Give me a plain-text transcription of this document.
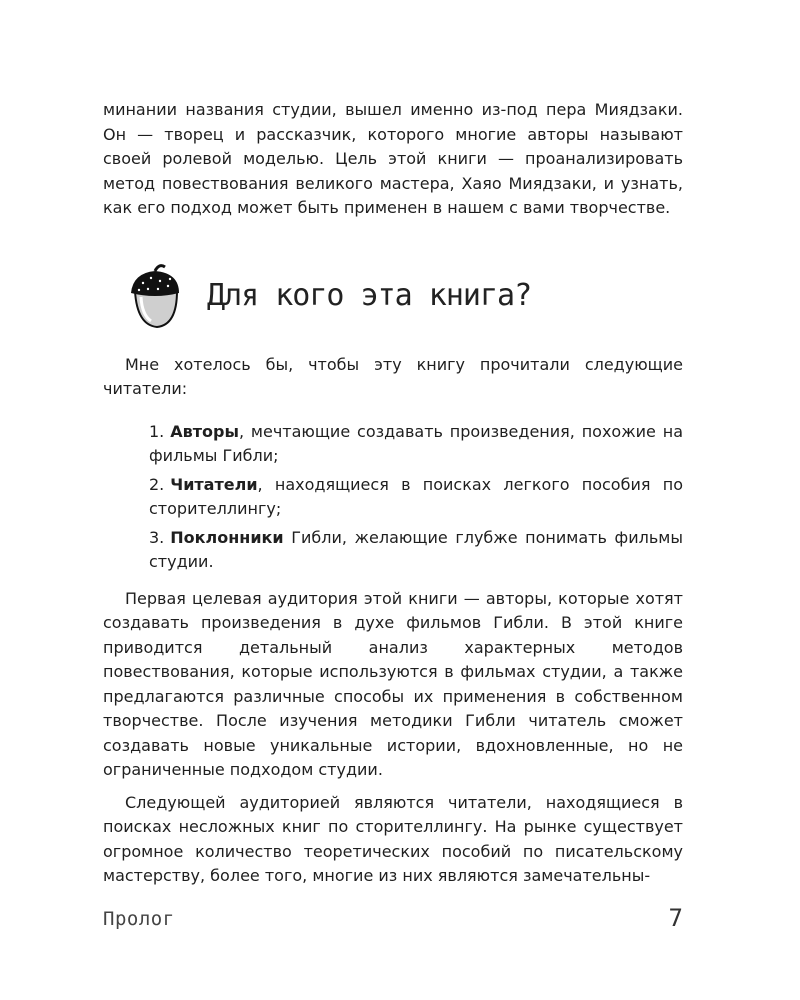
минании названия студии, вышел именно из-под пера Миядзаки. Он — творец и рассказчик, которого многие авторы называют своей ролевой моделью. Цель этой книги — проанализировать метод повествования великого мастера, Хаяо Миядзаки, и узнать, как его подход может быть применен в нашем с вами творчестве.

Для кого эта книга?

Мне хотелось бы, чтобы эту книгу прочитали следующие читатели:

1. Авторы, мечтающие создавать произведения, похожие на фильмы Гибли;
2. Читатели, находящиеся в поисках легкого пособия по сторителлингу;
3. Поклонники Гибли, желающие глубже понимать фильмы студии.

Первая целевая аудитория этой книги — авторы, которые хотят создавать произведения в духе фильмов Гибли. В этой книге приводится детальный анализ характерных методов повествования, которые используются в фильмах студии, а также предлагаются различные способы их применения в собственном творчестве. После изучения методики Гибли читатель сможет создавать новые уникальные истории, вдохновленные, но не ограниченные подходом студии.

Следующей аудиторией являются читатели, находящиеся в поисках несложных книг по сторителлингу. На рынке существует огромное количество теоретических пособий по писательскому мастерству, более того, многие из них являются замечательны-

Пролог	7
